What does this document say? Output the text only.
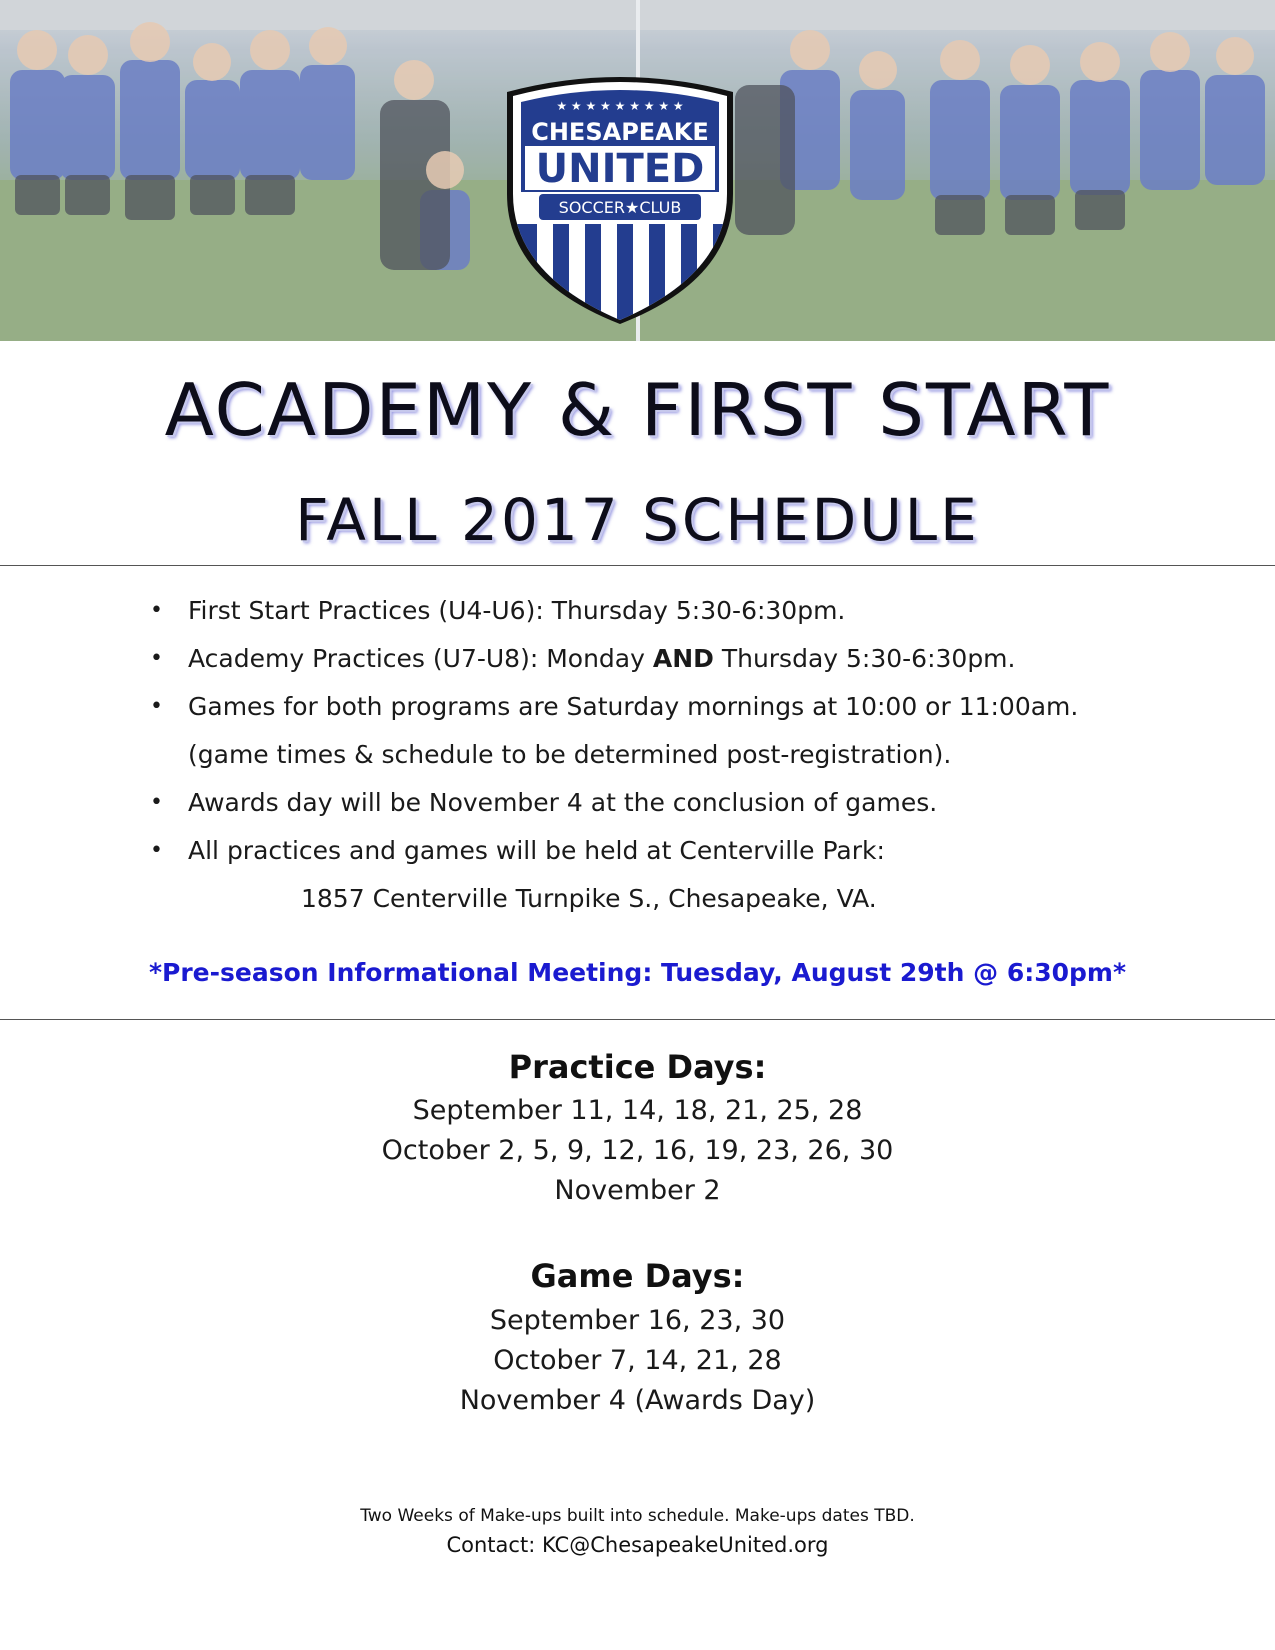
★ ★ ★ ★ ★ ★ ★ ★ ★
CHESAPEAKE
UNITED
SOCCER★CLUB
ACADEMY & FIRST START
FALL 2017 SCHEDULE
• First Start Practices (U4-U6): Thursday 5:30-6:30pm.
• Academy Practices (U7-U8): Monday AND Thursday 5:30-6:30pm.
• Games for both programs are Saturday mornings at 10:00 or 11:00am.
(game times & schedule to be determined post-registration).
• Awards day will be November 4 at the conclusion of games.
• All practices and games will be held at Centerville Park:
1857 Centerville Turnpike S., Chesapeake, VA.
*Pre-season Informational Meeting: Tuesday, August 29th @ 6:30pm*
Practice Days:
September 11, 14, 18, 21, 25, 28
October 2, 5, 9, 12, 16, 19, 23, 26, 30
November 2
Game Days:
September 16, 23, 30
October 7, 14, 21, 28
November 4 (Awards Day)
Two Weeks of Make-ups built into schedule. Make-ups dates TBD.
Contact: KC@ChesapeakeUnited.org
